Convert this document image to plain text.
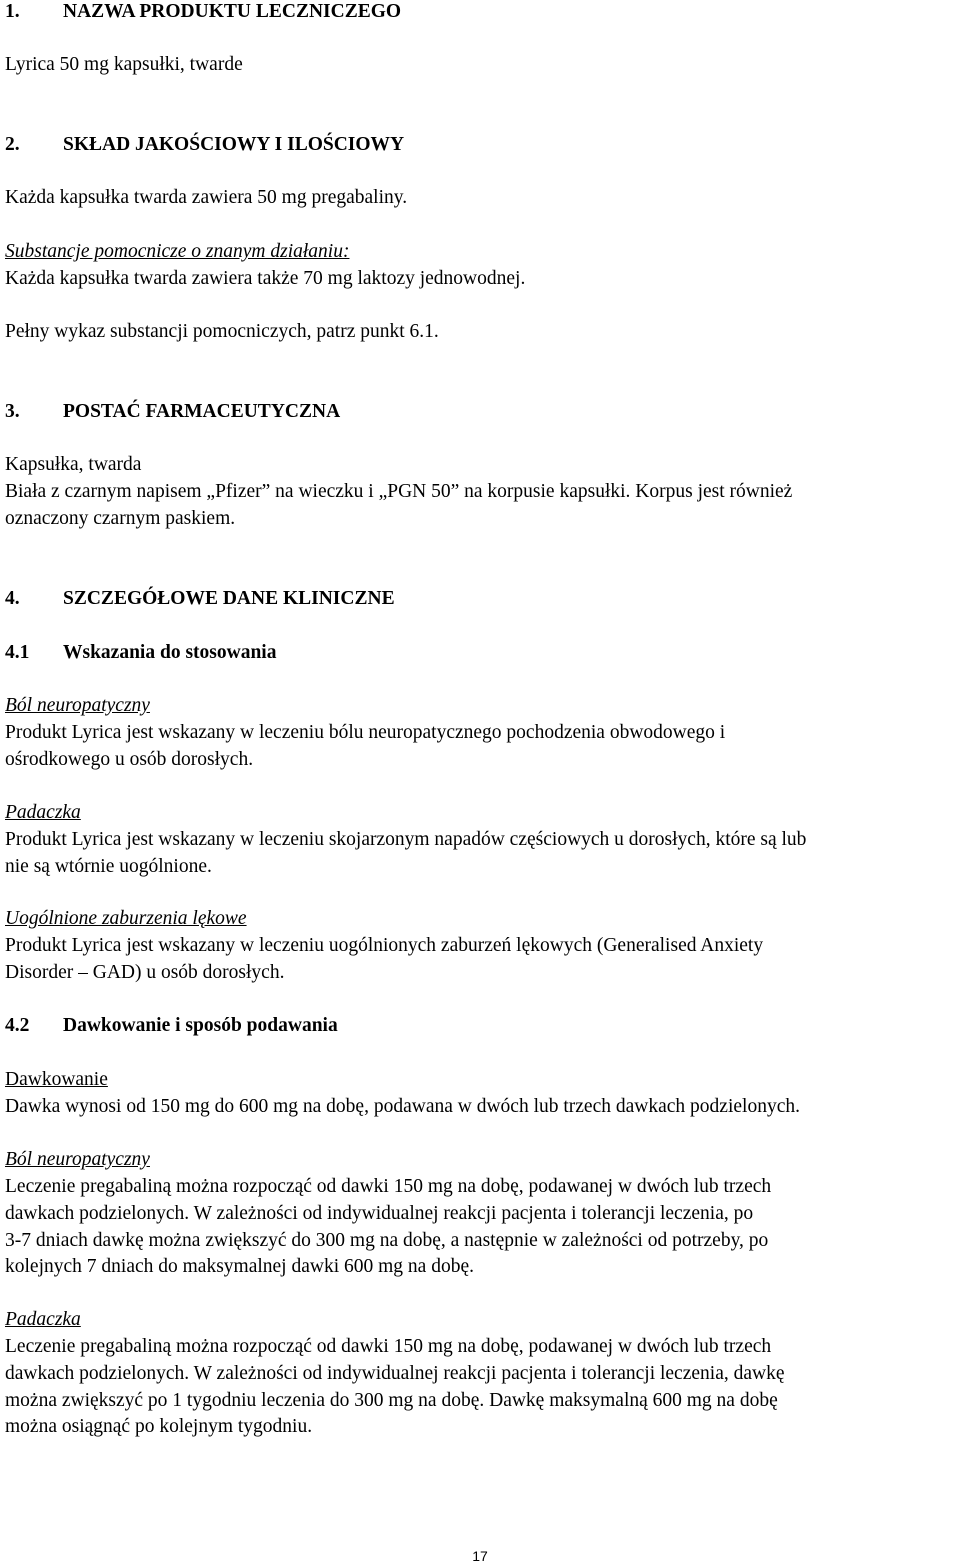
1. NAZWA PRODUKTU LECZNICZEGO
Lyrica 50 mg kapsułki, twarde
2. SKŁAD JAKOŚCIOWY I ILOŚCIOWY
Każda kapsułka twarda zawiera 50 mg pregabaliny.
Substancje pomocnicze o znanym działaniu:
Każda kapsułka twarda zawiera także 70 mg laktozy jednowodnej.
Pełny wykaz substancji pomocniczych, patrz punkt 6.1.
3. POSTAĆ FARMACEUTYCZNA
Kapsułka, twarda
Biała z czarnym napisem „Pfizer” na wieczku i „PGN 50” na korpusie kapsułki. Korpus jest również
oznaczony czarnym paskiem.
4. SZCZEGÓŁOWE DANE KLINICZNE
4.1 Wskazania do stosowania
Ból neuropatyczny
Produkt Lyrica jest wskazany w leczeniu bólu neuropatycznego pochodzenia obwodowego i
ośrodkowego u osób dorosłych.
Padaczka
Produkt Lyrica jest wskazany w leczeniu skojarzonym napadów częściowych u dorosłych, które są lub
nie są wtórnie uogólnione.
Uogólnione zaburzenia lękowe
Produkt Lyrica jest wskazany w leczeniu uogólnionych zaburzeń lękowych (Generalised Anxiety
Disorder – GAD) u osób dorosłych.
4.2 Dawkowanie i sposób podawania
Dawkowanie
Dawka wynosi od 150 mg do 600 mg na dobę, podawana w dwóch lub trzech dawkach podzielonych.
Ból neuropatyczny
Leczenie pregabaliną można rozpocząć od dawki 150 mg na dobę, podawanej w dwóch lub trzech
dawkach podzielonych. W zależności od indywidualnej reakcji pacjenta i tolerancji leczenia, po
3-7 dniach dawkę można zwiększyć do 300 mg na dobę, a następnie w zależności od potrzeby, po
kolejnych 7 dniach do maksymalnej dawki 600 mg na dobę.
Padaczka
Leczenie pregabaliną można rozpocząć od dawki 150 mg na dobę, podawanej w dwóch lub trzech
dawkach podzielonych. W zależności od indywidualnej reakcji pacjenta i tolerancji leczenia, dawkę
można zwiększyć po 1 tygodniu leczenia do 300 mg na dobę. Dawkę maksymalną 600 mg na dobę
można osiągnąć po kolejnym tygodniu.
17
